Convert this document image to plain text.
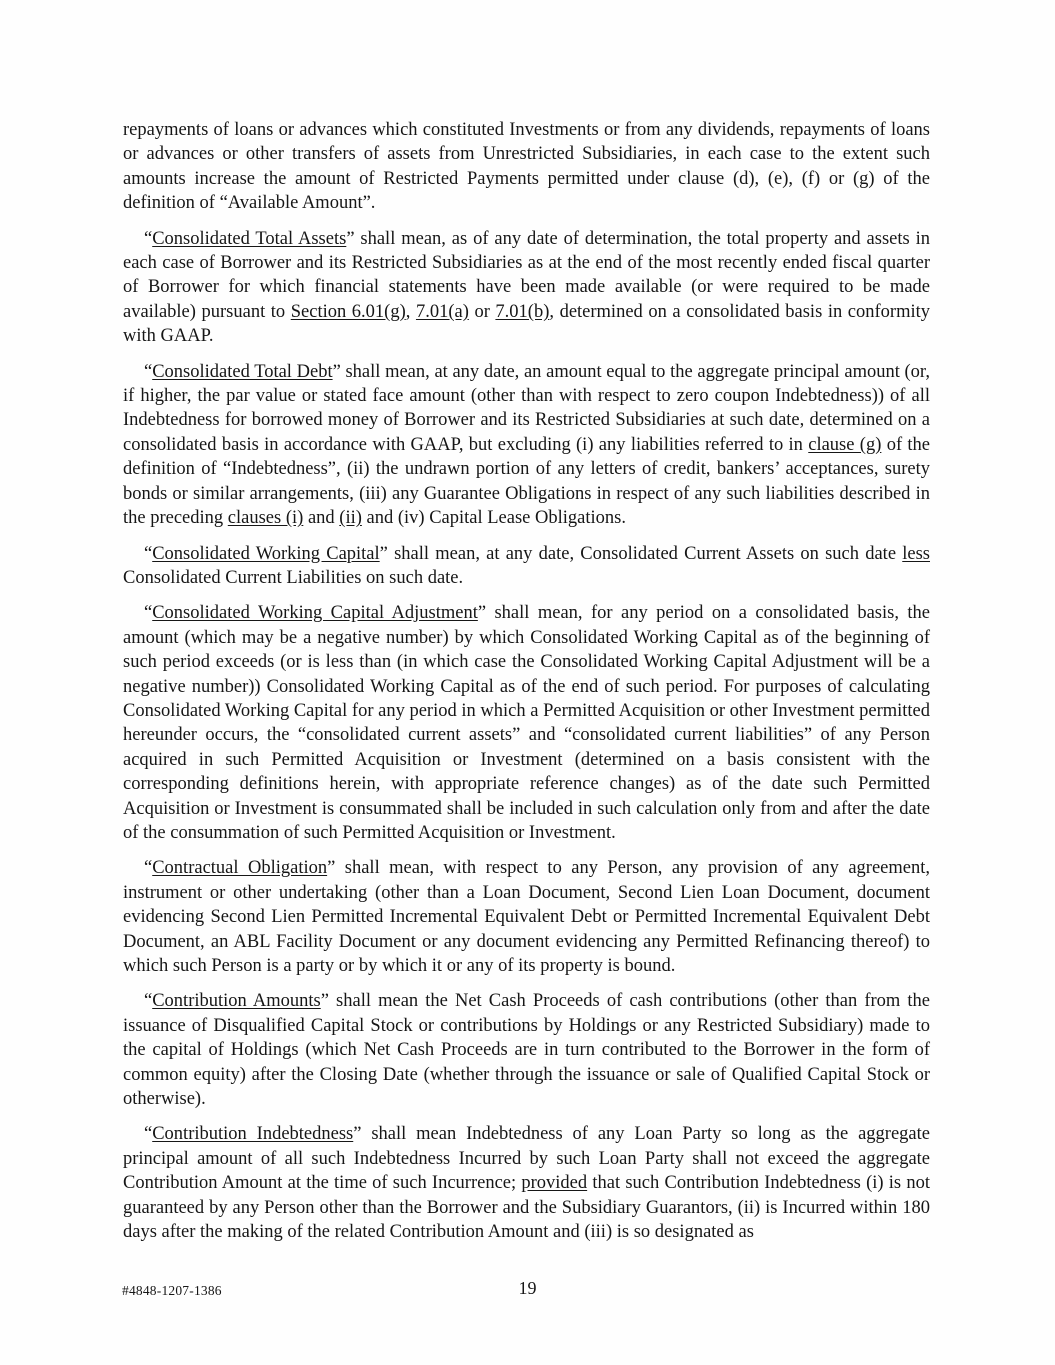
repayments of loans or advances which constituted Investments or from any dividends, repayments of loans or advances or other transfers of assets from Unrestricted Subsidiaries, in each case to the extent such amounts increase the amount of Restricted Payments permitted under clause (d), (e), (f) or (g) of the definition of “Available Amount”.

“Consolidated Total Assets” shall mean, as of any date of determination, the total property and assets in each case of Borrower and its Restricted Subsidiaries as at the end of the most recently ended fiscal quarter of Borrower for which financial statements have been made available (or were required to be made available) pursuant to Section 6.01(g), 7.01(a) or 7.01(b), determined on a consolidated basis in conformity with GAAP.

“Consolidated Total Debt” shall mean, at any date, an amount equal to the aggregate principal amount (or, if higher, the par value or stated face amount (other than with respect to zero coupon Indebtedness)) of all Indebtedness for borrowed money of Borrower and its Restricted Subsidiaries at such date, determined on a consolidated basis in accordance with GAAP, but excluding (i) any liabilities referred to in clause (g) of the definition of “Indebtedness”, (ii) the undrawn portion of any letters of credit, bankers’ acceptances, surety bonds or similar arrangements, (iii) any Guarantee Obligations in respect of any such liabilities described in the preceding clauses (i) and (ii) and (iv) Capital Lease Obligations.

“Consolidated Working Capital” shall mean, at any date, Consolidated Current Assets on such date less Consolidated Current Liabilities on such date.

“Consolidated Working Capital Adjustment” shall mean, for any period on a consolidated basis, the amount (which may be a negative number) by which Consolidated Working Capital as of the beginning of such period exceeds (or is less than (in which case the Consolidated Working Capital Adjustment will be a negative number)) Consolidated Working Capital as of the end of such period. For purposes of calculating Consolidated Working Capital for any period in which a Permitted Acquisition or other Investment permitted hereunder occurs, the “consolidated current assets” and “consolidated current liabilities” of any Person acquired in such Permitted Acquisition or Investment (determined on a basis consistent with the corresponding definitions herein, with appropriate reference changes) as of the date such Permitted Acquisition or Investment is consummated shall be included in such calculation only from and after the date of the consummation of such Permitted Acquisition or Investment.

“Contractual Obligation” shall mean, with respect to any Person, any provision of any agreement, instrument or other undertaking (other than a Loan Document, Second Lien Loan Document, document evidencing Second Lien Permitted Incremental Equivalent Debt or Permitted Incremental Equivalent Debt Document, an ABL Facility Document or any document evidencing any Permitted Refinancing thereof) to which such Person is a party or by which it or any of its property is bound.

“Contribution Amounts” shall mean the Net Cash Proceeds of cash contributions (other than from the issuance of Disqualified Capital Stock or contributions by Holdings or any Restricted Subsidiary) made to the capital of Holdings (which Net Cash Proceeds are in turn contributed to the Borrower in the form of common equity) after the Closing Date (whether through the issuance or sale of Qualified Capital Stock or otherwise).

“Contribution Indebtedness” shall mean Indebtedness of any Loan Party so long as the aggregate principal amount of all such Indebtedness Incurred by such Loan Party shall not exceed the aggregate Contribution Amount at the time of such Incurrence; provided that such Contribution Indebtedness (i) is not guaranteed by any Person other than the Borrower and the Subsidiary Guarantors, (ii) is Incurred within 180 days after the making of the related Contribution Amount and (iii) is so designated as

#4848-1207-1386	19
